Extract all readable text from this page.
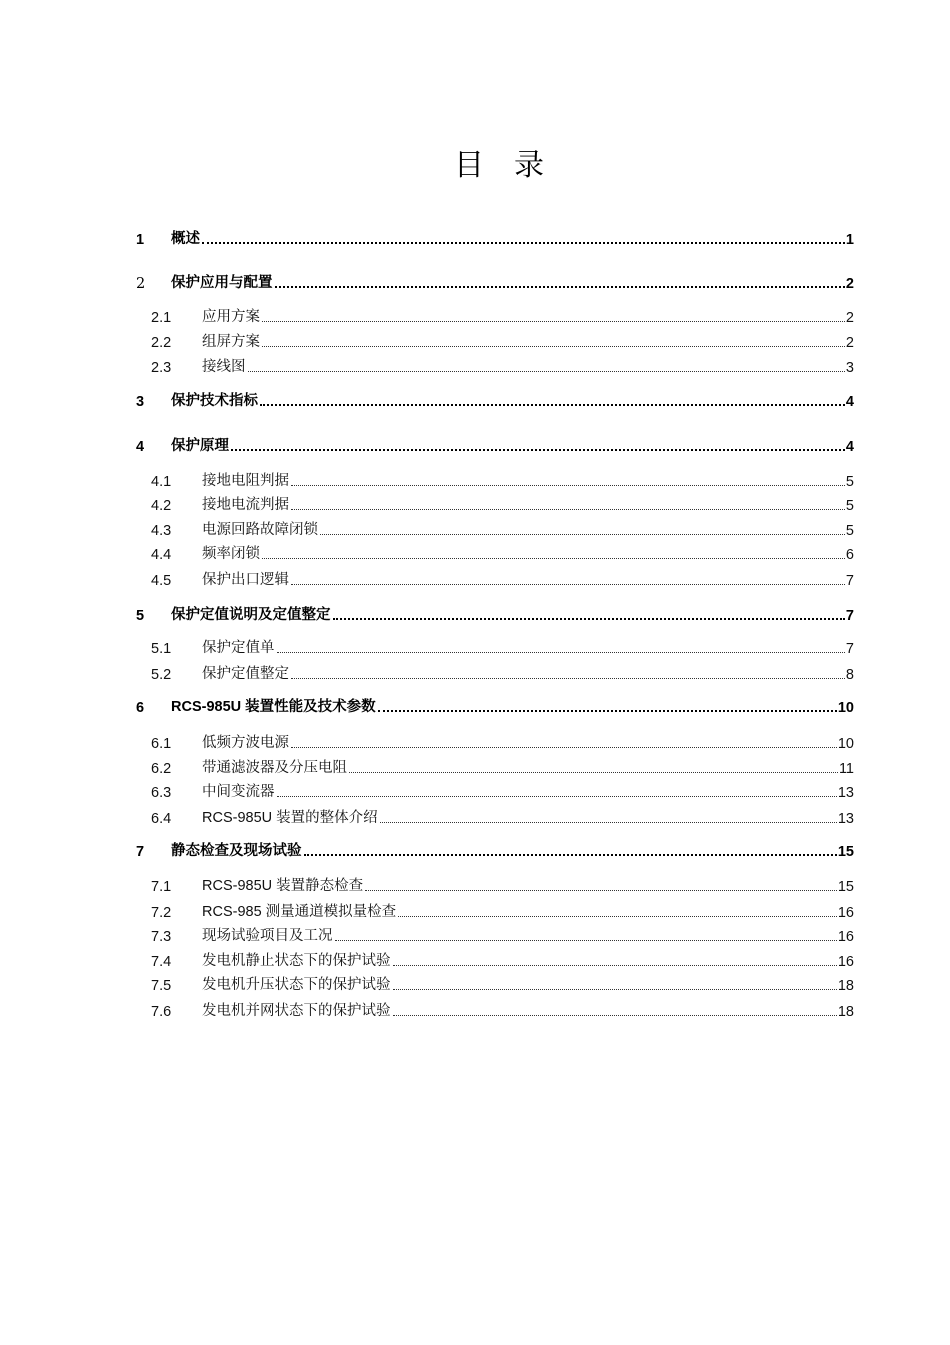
目 录
1	概述	1
2	保护应用与配置	2
2.1	应用方案	2
2.2	组屏方案	2
2.3	接线图	3
3	保护技术指标	4
4	保护原理	4
4.1	接地电阻判据	5
4.2	接地电流判据	5
4.3	电源回路故障闭锁	5
4.4	频率闭锁	6
4.5	保护出口逻辑	7
5	保护定值说明及定值整定	7
5.1	保护定值单	7
5.2	保护定值整定	8
6	RCS-985U 装置性能及技术参数	10
6.1	低频方波电源	10
6.2	带通滤波器及分压电阻	11
6.3	中间变流器	13
6.4	RCS-985U 装置的整体介绍	13
7	静态检查及现场试验	15
7.1	RCS-985U 装置静态检查	15
7.2	RCS-985 测量通道模拟量检查	16
7.3	现场试验项目及工况	16
7.4	发电机静止状态下的保护试验	16
7.5	发电机升压状态下的保护试验	18
7.6	发电机并网状态下的保护试验	18
